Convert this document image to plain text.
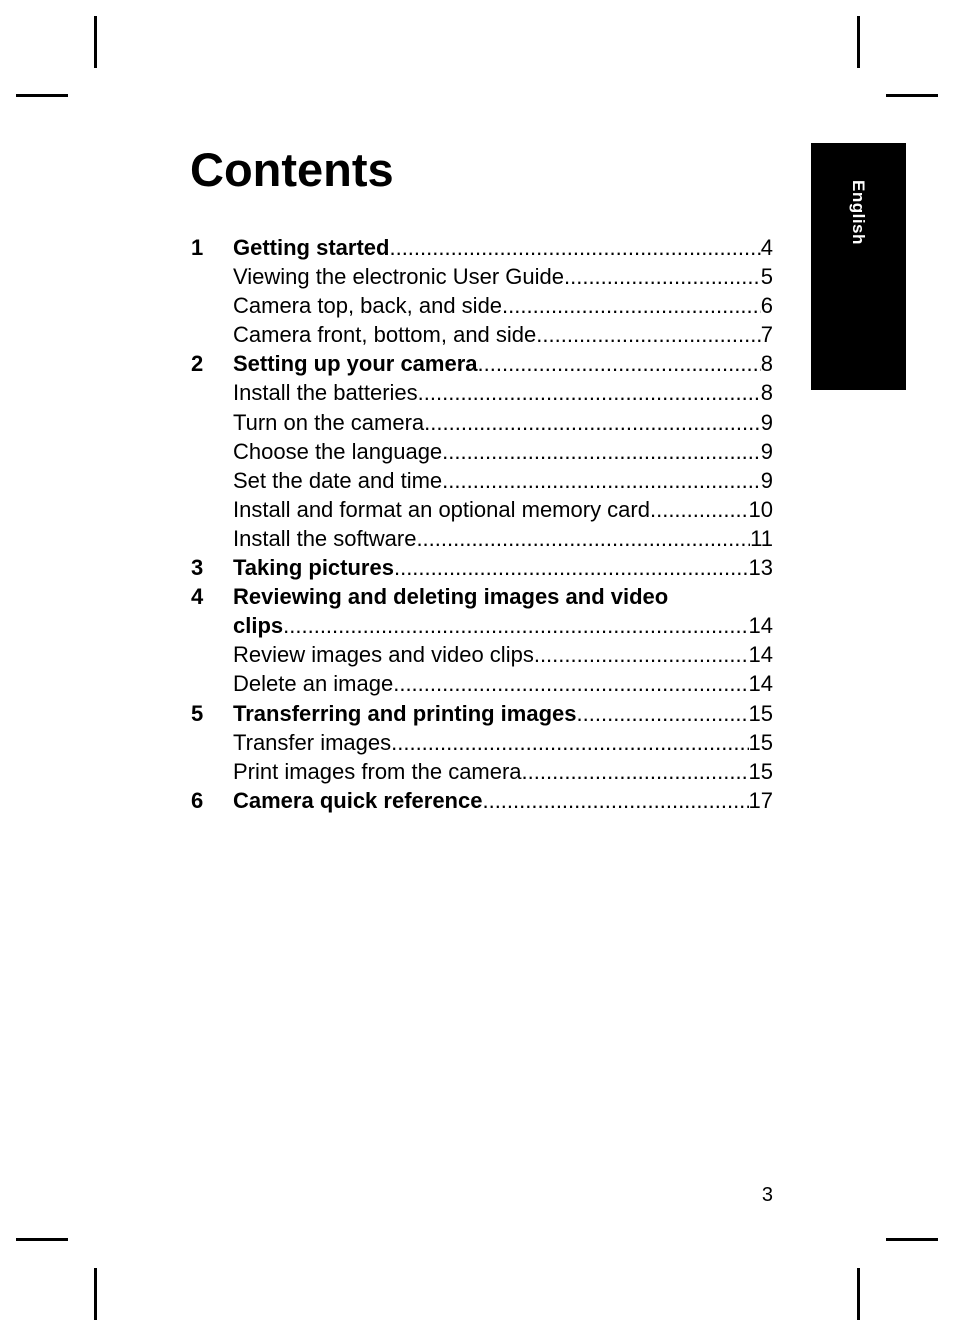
English
Contents
1	Getting started .....	4
Viewing the electronic User Guide .....	5
Camera top, back, and side .....	6
Camera front, bottom, and side .....	7
2	Setting up your camera .....	8
Install the batteries .....	8
Turn on the camera .....	9
Choose the language .....	9
Set the date and time .....	9
Install and format an optional memory card .....	10
Install the software .....	11
3	Taking pictures .....	13
4	Reviewing and deleting images and video
clips .....	14
Review images and video clips .....	14
Delete an image .....	14
5	Transferring and printing images .....	15
Transfer images .....	15
Print images from the camera .....	15
6	Camera quick reference .....	17
3
